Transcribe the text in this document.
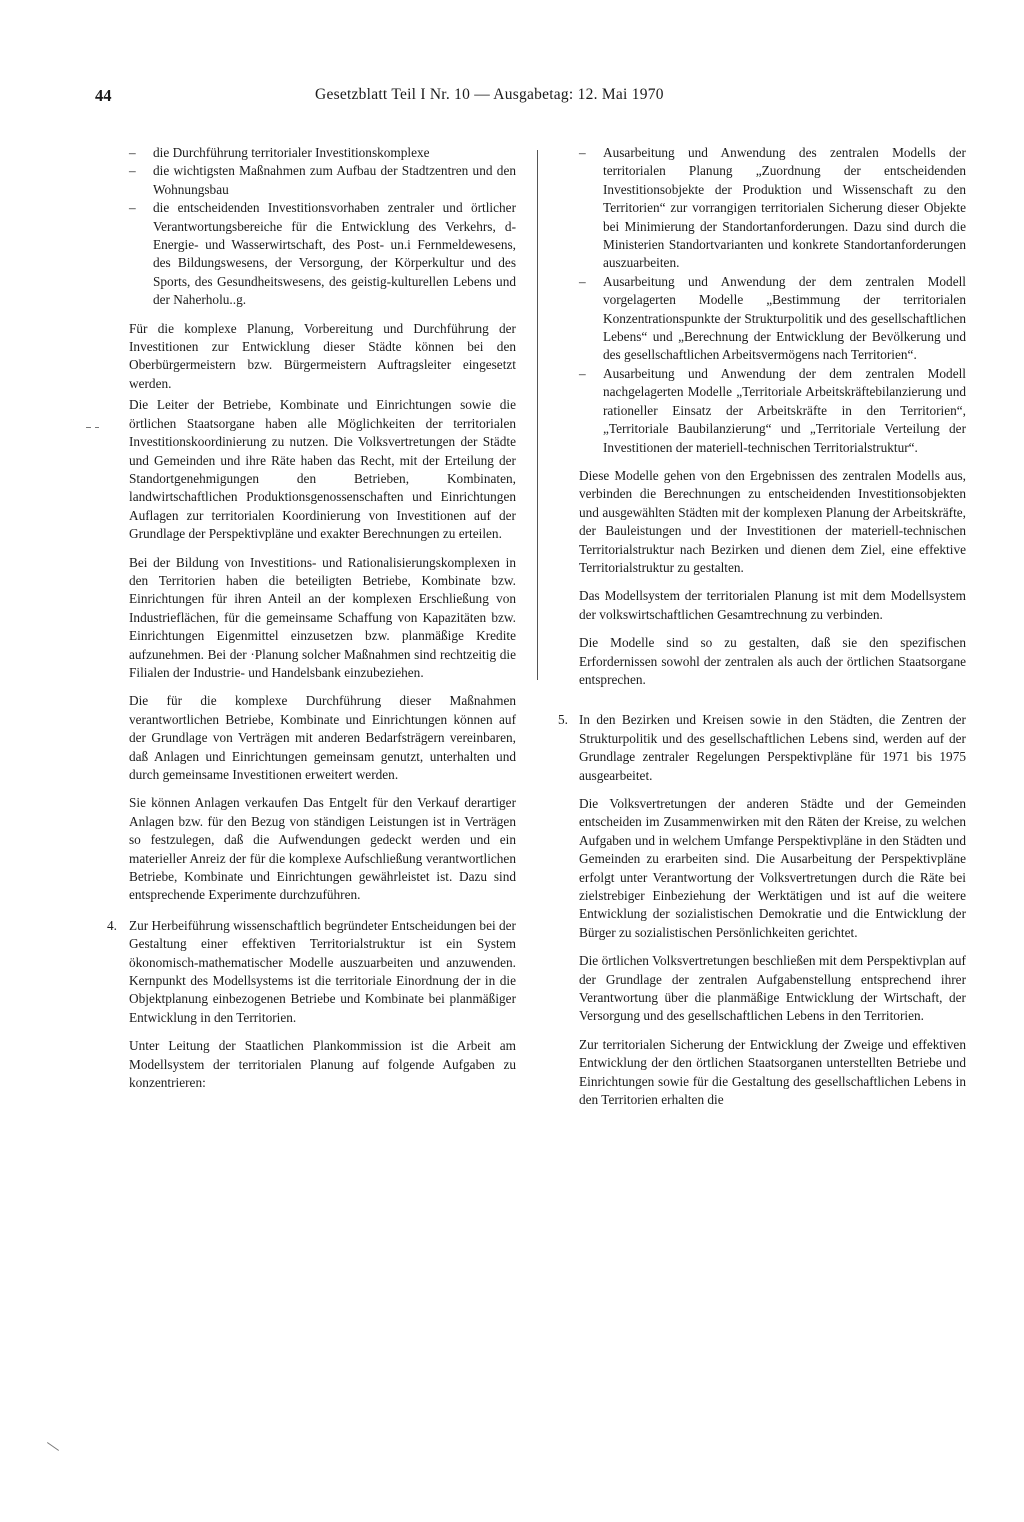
44	Gesetzblatt Teil I Nr. 10 — Ausgabetag: 12. Mai 1970
– die Durchführung territorialer Investitionskomplexe
– die wichtigsten Maßnahmen zum Aufbau der Stadtzentren und den Wohnungsbau
– die entscheidenden Investitionsvorhaben zentraler und örtlicher Verantwortungsbereiche für die Entwicklung des Verkehrs, d‑ Energie- und Wasserwirtschaft, des Post- un.i Fernmeldewesens, des Bildungswesens, der Versorgung, der Körperkultur und des Sports, des Gesundheitswesens, des geistig-kulturellen Lebens und der Naherholu..g.

Für die komplexe Planung, Vorbereitung und Durchführung der Investitionen zur Entwicklung dieser Städte können bei den Oberbürgermeistern bzw. Bürgermeistern Auftragsleiter eingesetzt werden.

Die Leiter der Betriebe, Kombinate und Einrichtungen sowie die örtlichen Staatsorgane haben alle Möglichkeiten der territorialen Investitionskoordinierung zu nutzen. Die Volksvertretungen der Städte und Gemeinden und ihre Räte haben das Recht, mit der Erteilung der Standortgenehmigungen den Betrieben, Kombinaten, landwirtschaftlichen Produktionsgenossenschaften und Einrichtungen Auflagen zur territorialen Koordinierung von Investitionen auf der Grundlage der Perspektivpläne und exakter Berechnungen zu erteilen.

Bei der Bildung von Investitions- und Rationalisierungskomplexen in den Territorien haben die beteiligten Betriebe, Kombinate bzw. Einrichtungen für ihren Anteil an der komplexen Erschließung von Industrieflächen, für die gemeinsame Schaffung von Kapazitäten bzw. Einrichtungen Eigenmittel einzusetzen bzw. planmäßige Kredite aufzunehmen. Bei der ·Planung solcher Maßnahmen sind rechtzeitig die Filialen der Industrie- und Handelsbank einzubeziehen.

Die für die komplexe Durchführung dieser Maßnahmen verantwortlichen Betriebe, Kombinate und Einrichtungen können auf der Grundlage von Verträgen mit anderen Bedarfsträgern vereinbaren, daß Anlagen und Einrichtungen gemeinsam genutzt, unterhalten und durch gemeinsame Investitionen erweitert werden.

Sie können Anlagen verkaufen Das Entgelt für den Verkauf derartiger Anlagen bzw. für den Bezug von ständigen Leistungen ist in Verträgen so festzulegen, daß die Aufwendungen gedeckt werden und ein materieller Anreiz der für die komplexe Aufschließung verantwortlichen Betriebe, Kombinate und Einrichtungen gewährleistet ist. Dazu sind entsprechende Experimente durchzuführen.

4. Zur Herbeiführung wissenschaftlich begründeter Entscheidungen bei der Gestaltung einer effektiven Territorialstruktur ist ein System ökonomisch-mathematischer Modelle auszuarbeiten und anzuwenden. Kernpunkt des Modellsystems ist die territoriale Einordnung der in die Objektplanung einbezogenen Betriebe und Kombinate bei planmäßiger Entwicklung in den Territorien.

Unter Leitung der Staatlichen Plankommission ist die Arbeit am Modellsystem der territorialen Planung auf folgende Aufgaben zu konzentrieren:

– Ausarbeitung und Anwendung des zentralen Modells der territorialen Planung „Zuordnung der entscheidenden Investitionsobjekte der Produktion und Wissenschaft zu den Territorien“ zur vorrangigen territorialen Sicherung dieser Objekte bei Minimierung der Standortanforderungen. Dazu sind durch die Ministerien Standortvarianten und konkrete Standortanforderungen auszuarbeiten.
– Ausarbeitung und Anwendung der dem zentralen Modell vorgelagerten Modelle „Bestimmung der territorialen Konzentrationspunkte der Strukturpolitik und des gesellschaftlichen Lebens“ und „Berechnung der Entwicklung der Bevölkerung und des gesellschaftlichen Arbeitsvermögens nach Territorien“.
– Ausarbeitung und Anwendung der dem zentralen Modell nachgelagerten Modelle „Territoriale Arbeitskräftebilanzierung und rationeller Einsatz der Arbeitskräfte in den Territorien“, „Territoriale Baubilanzierung“ und „Territoriale Verteilung der Investitionen der materiell-technischen Territorialstruktur“.

Diese Modelle gehen von den Ergebnissen des zentralen Modells aus, verbinden die Berechnungen zu entscheidenden Investitionsobjekten und ausgewählten Städten mit der komplexen Planung der Arbeitskräfte, der Bauleistungen und der Investitionen der materiell-technischen Territorialstruktur nach Bezirken und dienen dem Ziel, eine effektive Territorialstruktur zu gestalten.

Das Modellsystem der territorialen Planung ist mit dem Modellsystem der volkswirtschaftlichen Gesamtrechnung zu verbinden.

Die Modelle sind so zu gestalten, daß sie den spezifischen Erfordernissen sowohl der zentralen als auch der örtlichen Staatsorgane entsprechen.

5. In den Bezirken und Kreisen sowie in den Städten, die Zentren der Strukturpolitik und des gesellschaftlichen Lebens sind, werden auf der Grundlage zentraler Regelungen Perspektivpläne für 1971 bis 1975 ausgearbeitet.

Die Volksvertretungen der anderen Städte und der Gemeinden entscheiden im Zusammenwirken mit den Räten der Kreise, zu welchen Aufgaben und in welchem Umfange Perspektivpläne in den Städten und Gemeinden zu erarbeiten sind. Die Ausarbeitung der Perspektivpläne erfolgt unter Verantwortung der Volksvertretungen durch die Räte bei zielstrebiger Einbeziehung der Werktätigen und ist auf die weitere Entwicklung der sozialistischen Demokratie und die Entwicklung der Bürger zu sozialistischen Persönlichkeiten gerichtet.

Die örtlichen Volksvertretungen beschließen mit dem Perspektivplan auf der Grundlage der zentralen Aufgabenstellung entsprechend ihrer Verantwortung über die planmäßige Entwicklung der Wirtschaft, der Versorgung und des gesellschaftlichen Lebens in den Territorien.

Zur territorialen Sicherung der Entwicklung der Zweige und effektiven Entwicklung der den örtlichen Staatsorganen unterstellten Betriebe und Einrichtungen sowie für die Gestaltung des gesellschaftlichen Lebens in den Territorien erhalten die
